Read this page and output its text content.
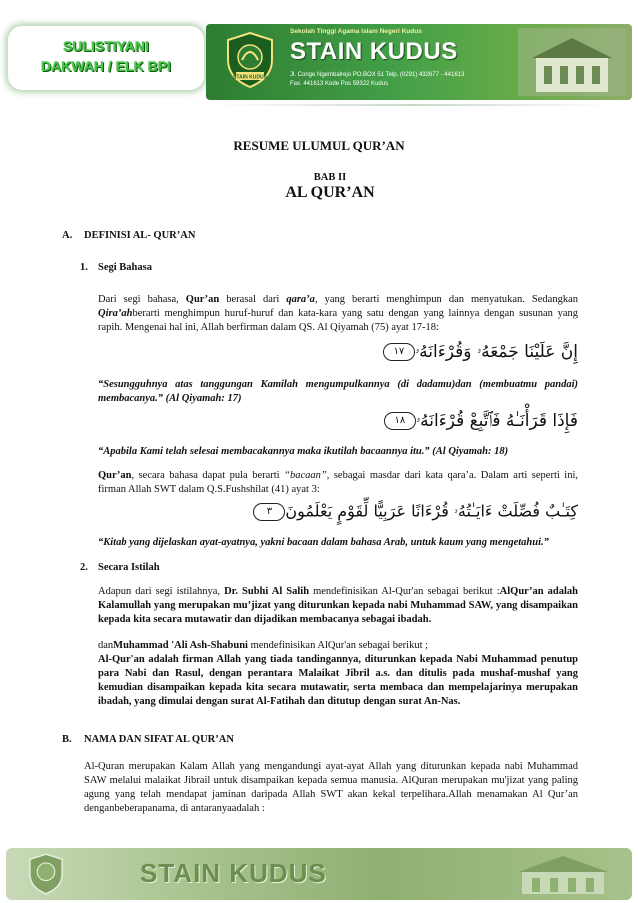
SULISTIYANI
DAKWAH / ELK BPI
STAIN KUDUS
Sekolah Tinggi Agama Islam Negeri Kudus
STAIN KUDUS
Jl. Conge Ngembalrejo PO.BOX 51 Telp. (0291) 432677 - 441613
Fax. 441613 Kode Pos 59322 Kudus
RESUME ULUMUL QUR’AN
BAB II
AL QUR’AN
A. DEFINISI AL- QUR’AN
1. Segi Bahasa
Dari segi bahasa, Qur’an berasal dari qara’a, yang berarti menghimpun dan menyatukan. Sedangkan Qira’ahberarti menghimpun huruf-huruf dan kata-kara yang satu dengan yang lainnya dengan susunan yang rapih. Mengenai hal ini, Allah berfirman dalam QS. Al Qiyamah (75) ayat 17-18:
إِنَّ عَلَيْنَا جَمْعَهُۥ وَقُرْءَانَهُۥ١٧
“Sesungguhnya atas tanggungan Kamilah mengumpulkannya (di dadamu)dan (membuatmu pandai) membacanya.” (Al Qiyamah: 17)
فَإِذَا قَرَأْنَـٰهُ فَٱتَّبِعْ قُرْءَانَهُۥ١٨
“Apabila Kami telah selesai membacakannya maka ikutilah bacaannya itu.” (Al Qiyamah: 18)
Qur’an, secara bahasa dapat pula berarti “bacaan”, sebagai masdar dari kata qara’a. Dalam arti seperti ini, firman Allah SWT dalam Q.S.Fushshilat (41) ayat 3:
كِتَـٰبٌ فُصِّلَتْ ءَايَـٰتُهُۥ قُرْءَانًا عَرَبِيًّا لِّقَوْمٍ يَعْلَمُونَ٣
“Kitab yang dijelaskan ayat-ayatnya, yakni bacaan dalam bahasa Arab, untuk kaum yang mengetahui.”
2. Secara Istilah
Adapun dari segi istilahnya, Dr. Subhi Al Salih mendefinisikan Al-Qur'an sebagai berikut :AlQur’an adalah Kalamullah yang merupakan mu’jizat yang diturunkan kepada nabi Muhammad SAW, yang disampaikan kepada kita secara mutawatir dan dijadikan membacanya sebagai ibadah.
danMuhammad 'Ali Ash-Shabuni mendefinisikan AlQur'an sebagai berikut ;
Al-Qur'an adalah firman Allah yang tiada tandingannya, diturunkan kepada Nabi Muhammad penutup para Nabi dan Rasul, dengan perantara Malaikat Jibril a.s. dan ditulis pada mushaf-mushaf yang kemudian disampaikan kepada kita secara mutawatir, serta membaca dan mempelajarinya merupakan ibadah, yang dimulai dengan surat Al-Fatihah dan ditutup dengan surat An-Nas.
B. NAMA DAN SIFAT AL QUR’AN
Al-Quran merupakan Kalam Allah yang mengandungi ayat-ayat Allah yang diturunkan kepada nabi Muhammad SAW melalui malaikat Jibrail untuk disampaikan kepada semua manusia. AlQuran merupakan mu'jizat yang paling agung yang telah mendapat jaminan daripada Allah SWT akan kekal terpelihara.Allah menamakan Al Qur’an denganbeberapanama, di antaranyaadalah :
STAIN KUDUS
